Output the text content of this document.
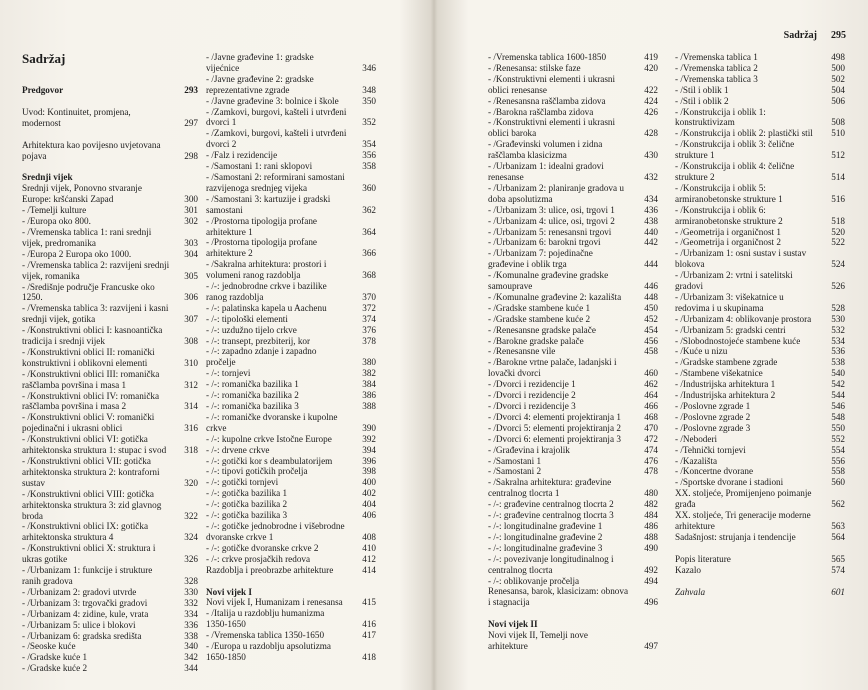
Sadržaj
Predgovor	293
Uvod: Kontinuitet, promjena, modernost	297
Arhitektura kao povijesno uvjetovana pojava	298
Srednji vijek
Srednji vijek, Ponovno stvaranje Europe: kršćanski Zapad	300
- /Temelji kulture	301
- /Europa oko 800.	302
- /Vremenska tablica 1: rani srednji vijek, predromanika	303
- /Europa 2 Europa oko 1000.	304
- /Vremenska tablica 2: razvijeni srednji vijek, romanika	305
- /Središnje područje Francuske oko 1250.	306
- /Vremenska tablica 3: razvijeni i kasni srednji vijek, gotika	307
- /Konstruktivni oblici I: kasnoantička tradicija i srednji vijek	308
- /Konstruktivni oblici II: romanički konstruktivni i oblikovni elementi	310
- /Konstruktivni oblici III: romanička raščlamba površina i masa 1	312
- /Konstruktivni oblici IV: romanička raščlamba površina i masa 2	314
- /Konstruktivni oblici V: romanički pojedinačni i ukrasni oblici	316
- /Konstruktivni oblici VI: gotička arhitektonska struktura 1: stupac i svod	318
- /Konstruktivni oblici VII: gotička arhitektonska struktura 2: kontraforni sustav	320
- /Konstruktivni oblici VIII: gotička arhitektonska struktura 3: zid glavnog broda	322
- /Konstruktivni oblici IX: gotička arhitektonska struktura 4	324
- /Konstruktivni oblici X: struktura i ukras gotike	326
- /Urbanizam 1: funkcije i strukture ranih gradova	328
- /Urbanizam 2: gradovi utvrde	330
- /Urbanizam 3: trgovački gradovi	332
- /Urbanizam 4: zidine, kule, vrata	334
- /Urbanizam 5: ulice i blokovi	336
- /Urbanizam 6: gradska središta	338
- /Seoske kuće	340
- /Gradske kuće 1	342
- /Gradske kuće 2	344
- /Javne građevine 1: gradske vijećnice	346
- /Javne građevine 2: gradske reprezentativne zgrade	348
- /Javne građevine 3: bolnice i škole	350
- /Zamkovi, burgovi, kašteli i utvrđeni dvorci 1	352
- /Zamkovi, burgovi, kašteli i utvrđeni dvorci 2	354
- /Falz i rezidencije	356
- /Samostani 1: rani sklopovi	358
- /Samostani 2: reformirani samostani razvijenoga srednjeg vijeka	360
- /Samostani 3: kartuzije i gradski samostani	362
- /Prostorna tipologija profane arhitekture 1	364
- /Prostorna tipologija profane arhitekture 2	366
- /Sakralna arhitektura: prostori i volumeni ranog razdoblja	368
- /-: jednobrodne crkve i bazilike ranog razdoblja	370
- /-: palatinska kapela u Aachenu	372
- /-: tipološki elementi	374
- /-: uzdužno tijelo crkve	376
- /-: transept, prezbiterij, kor	378
- /-: zapadno zdanje i zapadno pročelje	380
- /-: tornjevi	382
- /-: romanička bazilika 1	384
- /-: romanička bazilika 2	386
- /-: romanička bazilika 3	388
- /-: romaničke dvoranske i kupolne crkve	390
- /-: kupolne crkve Istočne Europe	392
- /-: drvene crkve	394
- /-: gotički kor s deambulatorijem	396
- /-: tipovi gotičkih pročelja	398
- /-: gotički tornjevi	400
- /-: gotička bazilika 1	402
- /-: gotička bazilika 2	404
- /-: gotička bazilika 3	406
- /-: gotičke jednobrodne i višebrodne dvoranske crkve 1	408
- /-: gotičke dvoranske crkve 2	410
- /-: crkve prosjačkih redova	412
Razdoblja i preobrazbe arhitekture	414
Novi vijek I
Novi vijek I, Humanizam i renesansa	415
- /Italija u razdoblju humanizma 1350-1650	416
- /Vremenska tablica 1350-1650	417
- /Europa u razdoblju apsolutizma 1650-1850	418
Sadržaj 295
- /Vremenska tablica 1600-1850	419
- /Renesansa: stilske faze	420
- /Konstruktivni elementi i ukrasni oblici renesanse	422
- /Renesansna raščlamba zidova	424
- /Barokna raščlamba zidova	426
- /Konstruktivni elementi i ukrasni oblici baroka	428
- /Građevinski volumen i zidna raščlamba klasicizma	430
- /Urbanizam 1: idealni gradovi renesanse	432
- /Urbanizam 2: planiranje gradova u doba apsolutizma	434
- /Urbanizam 3: ulice, osi, trgovi 1	436
- /Urbanizam 4: ulice, osi, trgovi 2	438
- /Urbanizam 5: renesansni trgovi	440
- /Urbanizam 6: barokni trgovi	442
- /Urbanizam 7: pojedinačne građevine i oblik trga	444
- /Komunalne građevine gradske samouprave	446
- /Komunalne građevine 2: kazališta	448
- /Gradske stambene kuće 1	450
- /Gradske stambene kuće 2	452
- /Renesansne gradske palače	454
- /Barokne gradske palače	456
- /Renesansne vile	458
- /Barokne vrtne palače, ladanjski i lovački dvorci	460
- /Dvorci i rezidencije 1	462
- /Dvorci i rezidencije 2	464
- /Dvorci i rezidencije 3	466
- /Dvorci 4: elementi projektiranja 1	468
- /Dvorci 5: elementi projektiranja 2	470
- /Dvorci 6: elementi projektiranja 3	472
- /Građevina i krajolik	474
- /Samostani 1	476
- /Samostani 2	478
- /Sakralna arhitektura: građevine centralnog tlocrta 1	480
- /-: građevine centralnog tlocrta 2	482
- /-: građevine centralnog tlocrta 3	484
- /-: longitudinalne građevine 1	486
- /-: longitudinalne građevine 2	488
- /-: longitudinalne građevine 3	490
- /-: povezivanje longitudinalnog i centralnog tlocrta	492
- /-: oblikovanje pročelja	494
Renesansa, barok, klasicizam: obnova i stagnacija	496
Novi vijek II
Novi vijek II, Temelji nove arhitekture	497
- /Vremenska tablica 1	498
- /Vremenska tablica 2	500
- /Vremenska tablica 3	502
- /Stil i oblik 1	504
- /Stil i oblik 2	506
- /Konstrukcija i oblik 1: konstruktivizam	508
- /Konstrukcija i oblik 2: plastički stil	510
- /Konstrukcija i oblik 3: čelične strukture 1	512
- /Konstrukcija i oblik 4: čelične strukture 2	514
- /Konstrukcija i oblik 5: armiranobetonske strukture 1	516
- /Konstrukcija i oblik 6: armiranobetonske strukture 2	518
- /Geometrija i organičnost 1	520
- /Geometrija i organičnost 2	522
- /Urbanizam 1: osni sustav i sustav blokova	524
- /Urbanizam 2: vrtni i satelitski gradovi	526
- /Urbanizam 3: višekatnice u redovima i u skupinama	528
- /Urbanizam 4: oblikovanje prostora	530
- /Urbanizam 5: gradski centri	532
- /Slobodnostojeće stambene kuće	534
- /Kuće u nizu	536
- /Gradske stambene zgrade	538
- /Stambene višekatnice	540
- /Industrijska arhitektura 1	542
- /Industrijska arhitektura 2	544
- /Poslovne zgrade 1	546
- /Poslovne zgrade 2	548
- /Poslovne zgrade 3	550
- /Neboderi	552
- /Tehnički tornjevi	554
- /Kazališta	556
- /Koncertne dvorane	558
- /Sportske dvorane i stadioni	560
XX. stoljeće, Promijenjeno poimanje građa	562
XX. stoljeće, Tri generacije moderne arhitekture	563
Sadašnjost: strujanja i tendencije	564
Popis literature	565
Kazalo	574
Zahvala	601
